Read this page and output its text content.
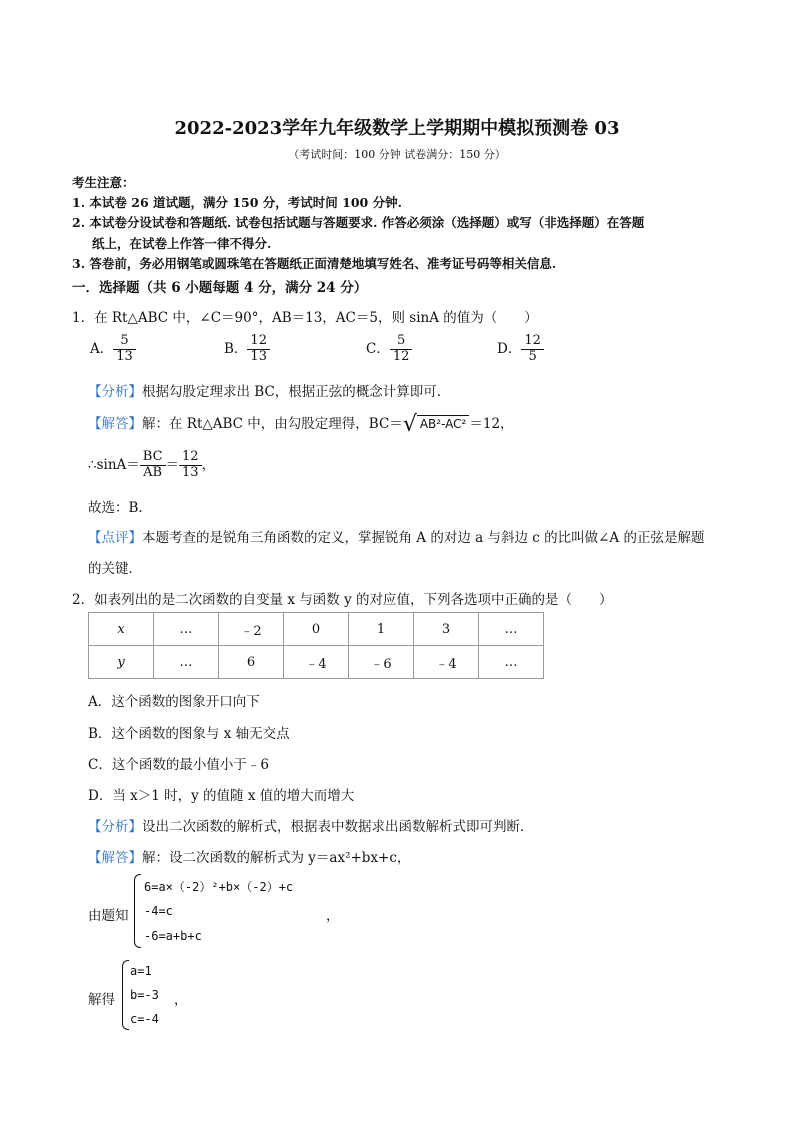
2022-2023学年九年级数学上学期期中模拟预测卷 03
（考试时间：100 分钟 试卷满分：150 分）
考生注意：
1. 本试卷 26 道试题，满分 150 分，考试时间 100 分钟.
2. 本试卷分设试卷和答题纸. 试卷包括试题与答题要求. 作答必须涂（选择题）或写（非选择题）在答题
纸上，在试卷上作答一律不得分.
3. 答卷前，务必用钢笔或圆珠笔在答题纸正面清楚地填写姓名、准考证号码等相关信息.
一．选择题（共 6 小题每题 4 分，满分 24 分）
1．在 Rt△ABC 中，∠C＝90°，AB＝13，AC＝5，则 sinA 的值为（　　）
A． $\frac{5}{13}$	B． $\frac{12}{13}$	C． $\frac{5}{12}$	D． $\frac{12}{5}$
【分析】根据勾股定理求出 BC，根据正弦的概念计算即可．
【解答】解：在 Rt△ABC 中，由勾股定理得，BC＝√ AB²-AC² ＝12，
∴sinA＝ $\frac{BC}{AB} = \frac{12}{13}$ ，
故选：B．
【点评】本题考查的是锐角三角函数的定义，掌握锐角 A 的对边 a 与斜边 c 的比叫做∠A 的正弦是解题
的关键．
2．如表列出的是二次函数的自变量 x 与函数 y 的对应值，下列各选项中正确的是（　　）
x	…	﹣2	0	1	3	…
y	…	6	﹣4	﹣6	﹣4	…
A．这个函数的图象开口向下
B．这个函数的图象与 x 轴无交点
C．这个函数的最小值小于﹣6
D．当 x＞1 时，y 的值随 x 值的增大而增大
【分析】设出二次函数的解析式，根据表中数据求出函数解析式即可判断．
【解答】解：设二次函数的解析式为 y＝ax²+bx+c，
由题知
6=a×（-2）²+b×（-2）+c
-4=c
-6=a+b+c
，
解得
a=1
b=-3
c=-4
，
